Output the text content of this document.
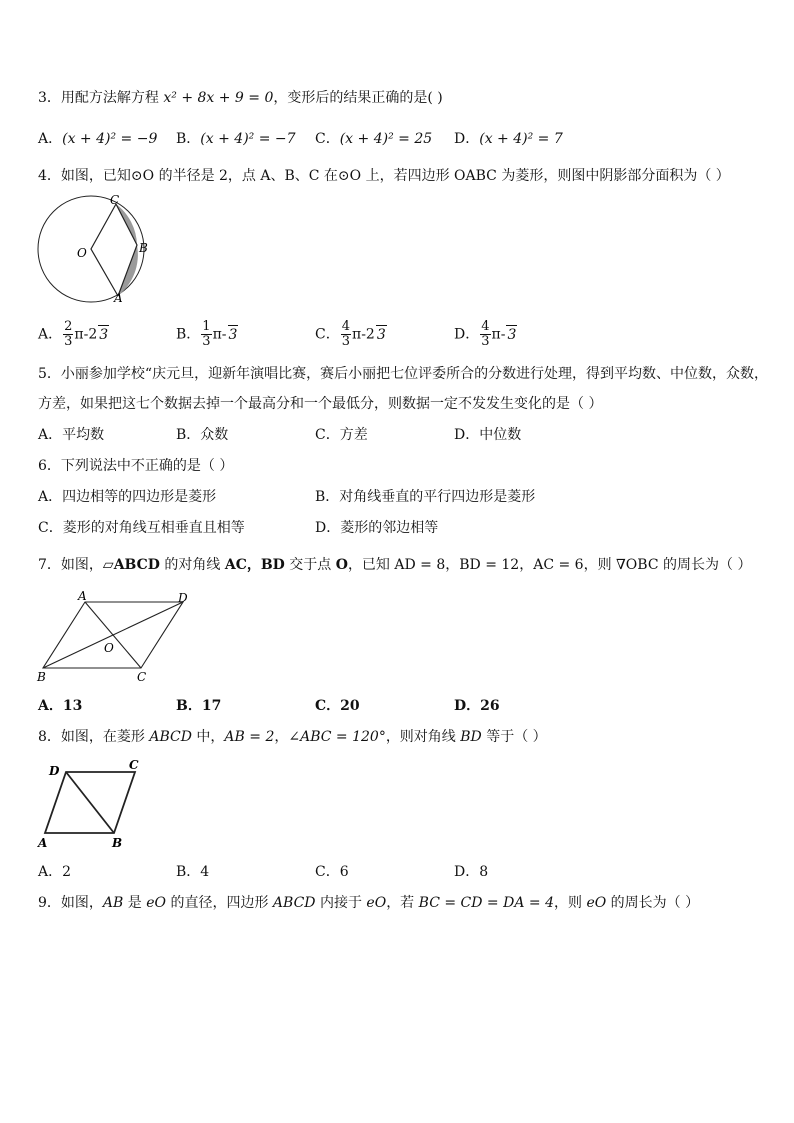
3．用配方法解方程 x² + 8x + 9 = 0，变形后的结果正确的是( )
A．(x + 4)² = −9 B．(x + 4)² = −7 C．(x + 4)² = 25 D．(x + 4)² = 7
4．如图，已知⊙O 的半径是 2，点 A、B、C 在⊙O 上，若四边形 OABC 为菱形，则图中阴影部分面积为（ ）
C
O	B
A
A． $\frac{2}{3} \pi-2$ 3	B． $\frac{1}{3} \pi-$ 3	C． $\frac{4}{3} \pi-2$ 3	D． $\frac{4}{3} \pi-$ 3
5．小丽参加学校“庆元旦，迎新年演唱比赛，赛后小丽把七位评委所合的分数进行处理，得到平均数、中位数，众数，
方差，如果把这七个数据去掉一个最高分和一个最低分，则数据一定不发发生变化的是（ ）
A．平均数	B．众数	C．方差	D．中位数
6．下列说法中不正确的是（ ）
A．四边相等的四边形是菱形	B．对角线垂直的平行四边形是菱形
C．菱形的对角线互相垂直且相等	D．菱形的邻边相等
7．如图，▱ABCD 的对角线 AC，BD 交于点 O，已知 AD = 8，BD = 12，AC = 6，则 ∇OBC 的周长为（ ）
A	D
O
B	C
A．13	B．17	C．20	D．26
8．如图，在菱形 ABCD 中，AB = 2，∠ABC = 120°，则对角线 BD 等于（ ）
D	C
A	B
A．2	B．4	C．6	D．8
9．如图，AB 是 eO 的直径，四边形 ABCD 内接于 eO，若 BC = CD = DA = 4，则 eO 的周长为（ ）
